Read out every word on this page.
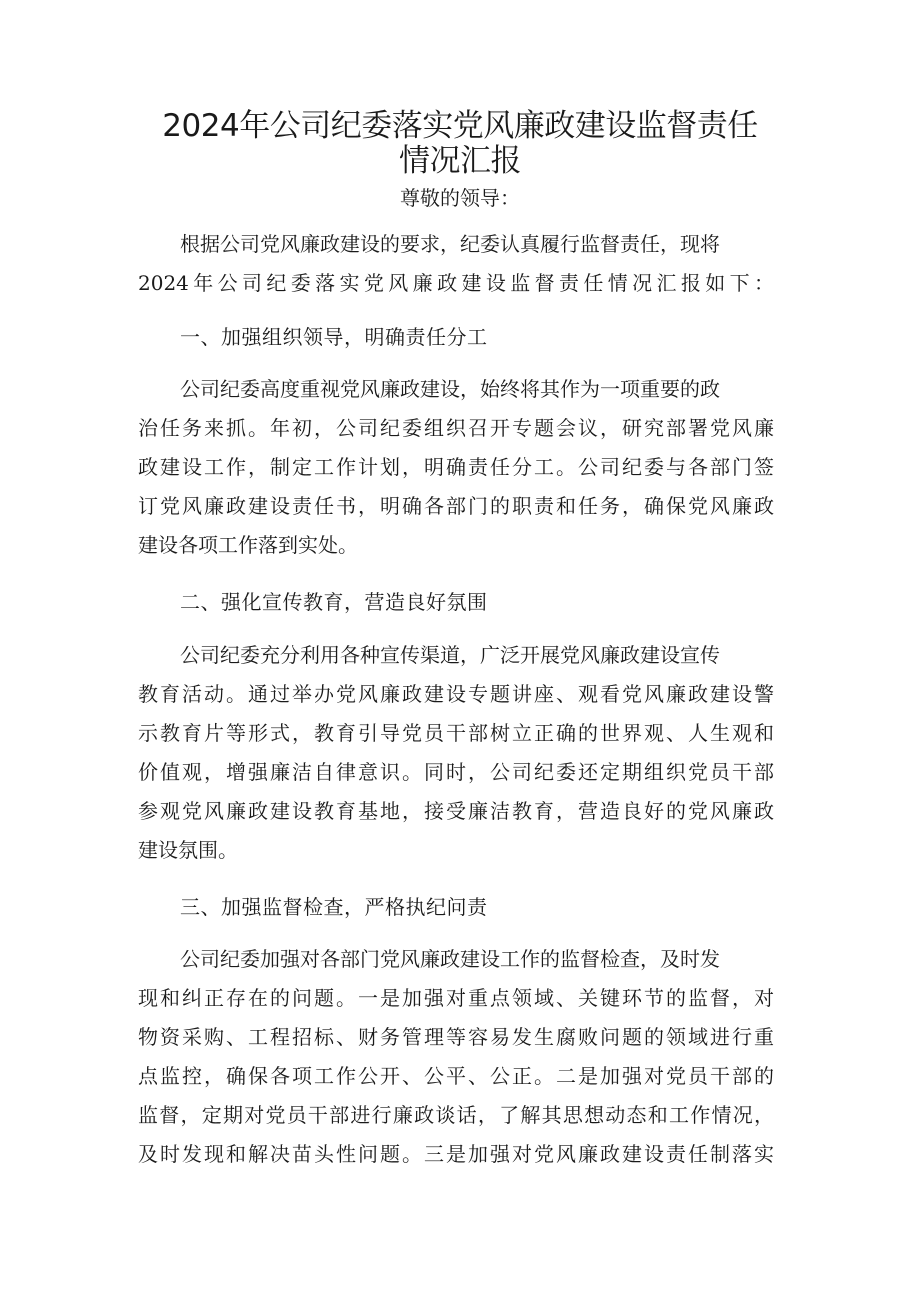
2024年公司纪委落实党风廉政建设监督责任
情况汇报
尊敬的领导：
根据公司党风廉政建设的要求，纪委认真履行监督责任，现将
2024年公司纪委落实党风廉政建设监督责任情况汇报如下：
一、加强组织领导，明确责任分工
公司纪委高度重视党风廉政建设，始终将其作为一项重要的政
治任务来抓。年初，公司纪委组织召开专题会议，研究部署党风廉
政建设工作，制定工作计划，明确责任分工。公司纪委与各部门签
订党风廉政建设责任书，明确各部门的职责和任务，确保党风廉政
建设各项工作落到实处。
二、强化宣传教育，营造良好氛围
公司纪委充分利用各种宣传渠道，广泛开展党风廉政建设宣传
教育活动。通过举办党风廉政建设专题讲座、观看党风廉政建设警
示教育片等形式，教育引导党员干部树立正确的世界观、人生观和
价值观，增强廉洁自律意识。同时，公司纪委还定期组织党员干部
参观党风廉政建设教育基地，接受廉洁教育，营造良好的党风廉政
建设氛围。
三、加强监督检查，严格执纪问责
公司纪委加强对各部门党风廉政建设工作的监督检查，及时发
现和纠正存在的问题。一是加强对重点领域、关键环节的监督，对
物资采购、工程招标、财务管理等容易发生腐败问题的领域进行重
点监控，确保各项工作公开、公平、公正。二是加强对党员干部的
监督，定期对党员干部进行廉政谈话，了解其思想动态和工作情况，
及时发现和解决苗头性问题。三是加强对党风廉政建设责任制落实
